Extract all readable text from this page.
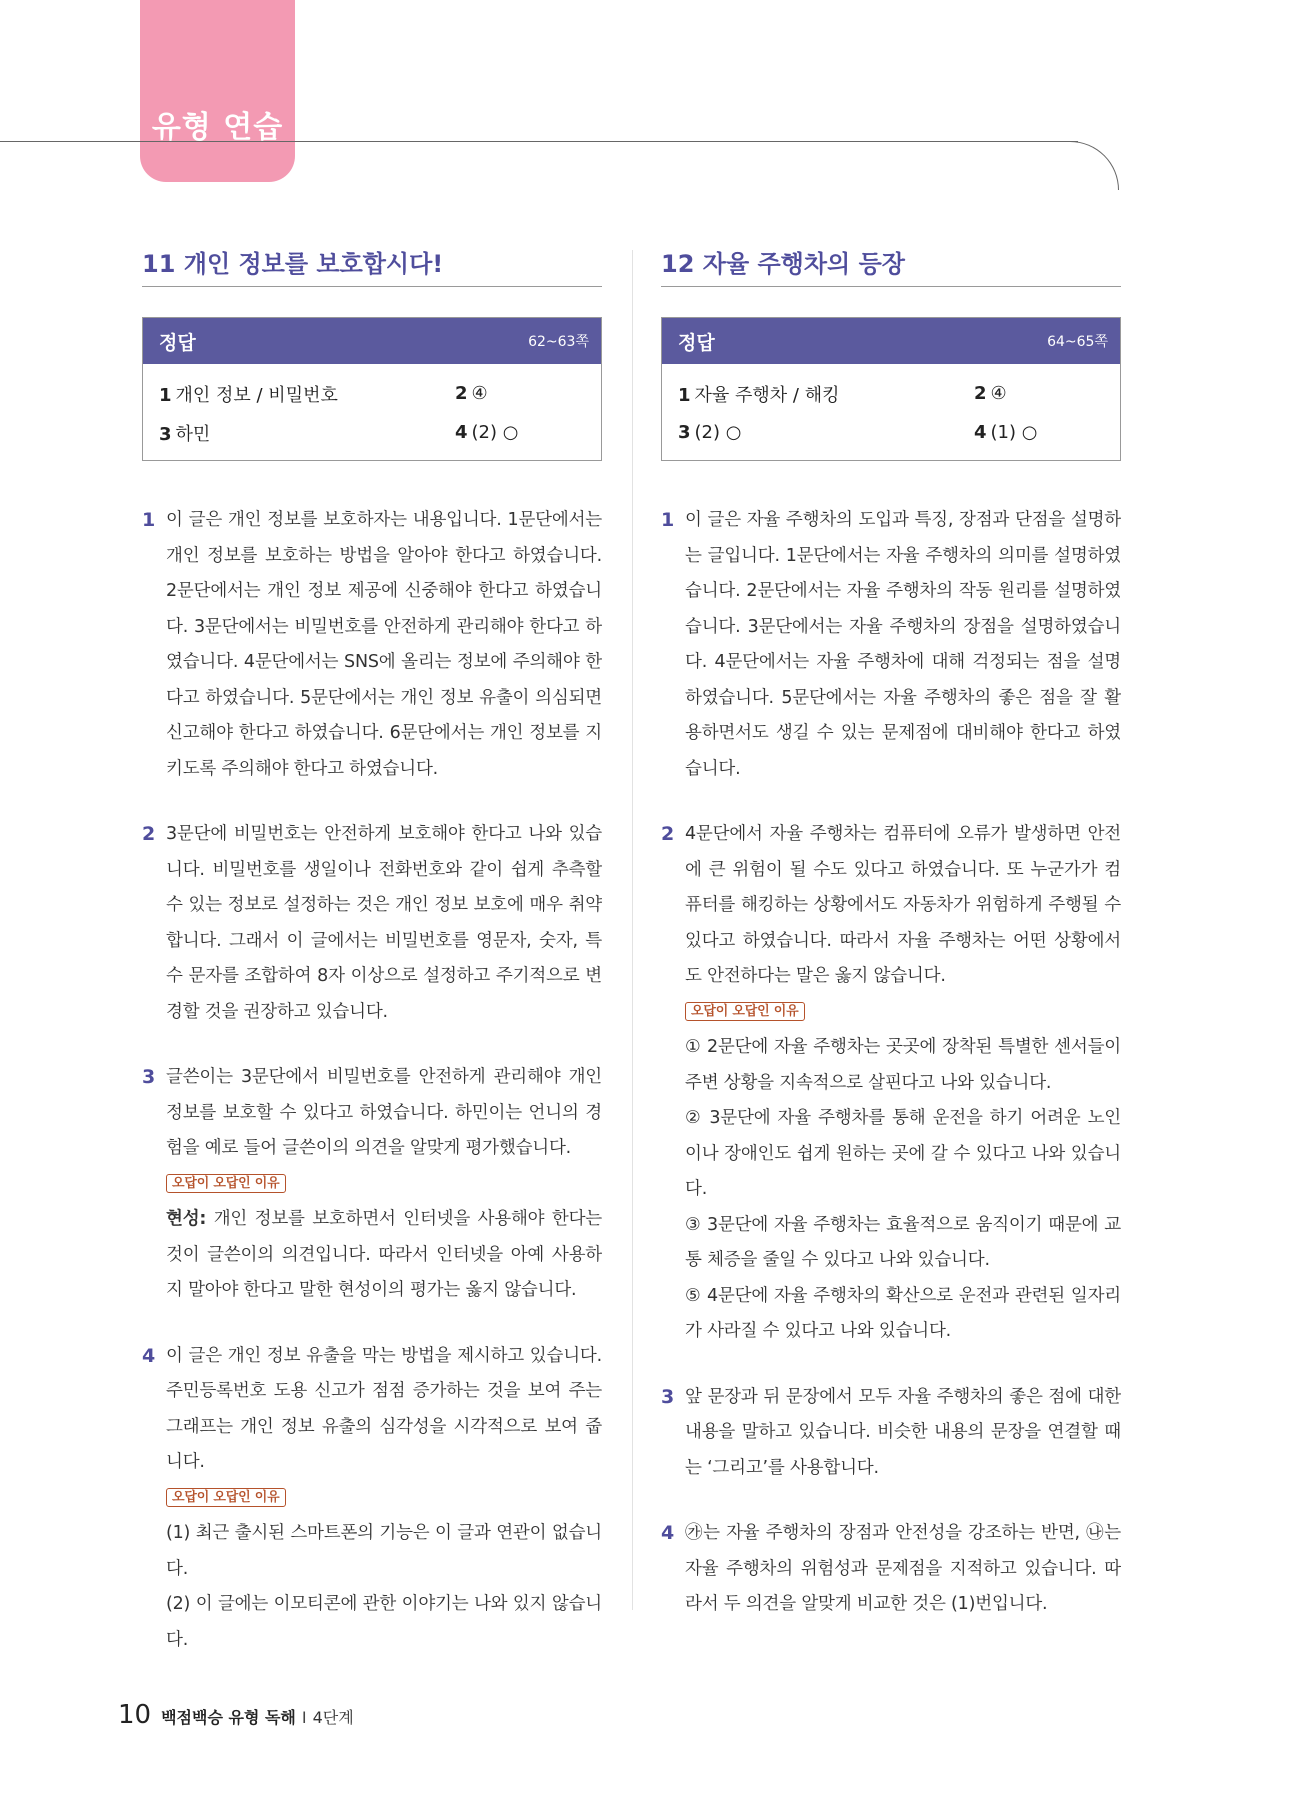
유형 연습
11 개인 정보를 보호합시다!
정답	62~63쪽
1 개인 정보 / 비밀번호	2 ④
3 하민	4 (2) ○
1 이 글은 개인 정보를 보호하자는 내용입니다. 1문단에서는 개인 정보를 보호하는 방법을 알아야 한다고 하였습니다. 2문단에서는 개인 정보 제공에 신중해야 한다고 하였습니다. 3문단에서는 비밀번호를 안전하게 관리해야 한다고 하였습니다. 4문단에서는 SNS에 올리는 정보에 주의해야 한다고 하였습니다. 5문단에서는 개인 정보 유출이 의심되면 신고해야 한다고 하였습니다. 6문단에서는 개인 정보를 지키도록 주의해야 한다고 하였습니다.

2 3문단에 비밀번호는 안전하게 보호해야 한다고 나와 있습니다. 비밀번호를 생일이나 전화번호와 같이 쉽게 추측할 수 있는 정보로 설정하는 것은 개인 정보 보호에 매우 취약합니다. 그래서 이 글에서는 비밀번호를 영문자, 숫자, 특수 문자를 조합하여 8자 이상으로 설정하고 주기적으로 변경할 것을 권장하고 있습니다.

3 글쓴이는 3문단에서 비밀번호를 안전하게 관리해야 개인 정보를 보호할 수 있다고 하였습니다. 하민이는 언니의 경험을 예로 들어 글쓴이의 의견을 알맞게 평가했습니다.

오답이 오답인 이유

현성: 개인 정보를 보호하면서 인터넷을 사용해야 한다는 것이 글쓴이의 의견입니다. 따라서 인터넷을 아예 사용하지 말아야 한다고 말한 현성이의 평가는 옳지 않습니다.

4 이 글은 개인 정보 유출을 막는 방법을 제시하고 있습니다. 주민등록번호 도용 신고가 점점 증가하는 것을 보여 주는 그래프는 개인 정보 유출의 심각성을 시각적으로 보여 줍니다.

오답이 오답인 이유

(1) 최근 출시된 스마트폰의 기능은 이 글과 연관이 없습니다.

(2) 이 글에는 이모티콘에 관한 이야기는 나와 있지 않습니다.

12 자율 주행차의 등장
정답	64~65쪽
1 자율 주행차 / 해킹	2 ④
3 (2) ○	4 (1) ○
1 이 글은 자율 주행차의 도입과 특징, 장점과 단점을 설명하는 글입니다. 1문단에서는 자율 주행차의 의미를 설명하였습니다. 2문단에서는 자율 주행차의 작동 원리를 설명하였습니다. 3문단에서는 자율 주행차의 장점을 설명하였습니다. 4문단에서는 자율 주행차에 대해 걱정되는 점을 설명하였습니다. 5문단에서는 자율 주행차의 좋은 점을 잘 활용하면서도 생길 수 있는 문제점에 대비해야 한다고 하였습니다.

2 4문단에서 자율 주행차는 컴퓨터에 오류가 발생하면 안전에 큰 위험이 될 수도 있다고 하였습니다. 또 누군가가 컴퓨터를 해킹하는 상황에서도 자동차가 위험하게 주행될 수 있다고 하였습니다. 따라서 자율 주행차는 어떤 상황에서도 안전하다는 말은 옳지 않습니다.

오답이 오답인 이유

① 2문단에 자율 주행차는 곳곳에 장착된 특별한 센서들이 주변 상황을 지속적으로 살핀다고 나와 있습니다.

② 3문단에 자율 주행차를 통해 운전을 하기 어려운 노인이나 장애인도 쉽게 원하는 곳에 갈 수 있다고 나와 있습니다.

③ 3문단에 자율 주행차는 효율적으로 움직이기 때문에 교통 체증을 줄일 수 있다고 나와 있습니다.

⑤ 4문단에 자율 주행차의 확산으로 운전과 관련된 일자리가 사라질 수 있다고 나와 있습니다.

3 앞 문장과 뒤 문장에서 모두 자율 주행차의 좋은 점에 대한 내용을 말하고 있습니다. 비슷한 내용의 문장을 연결할 때는 ‘그리고’를 사용합니다.

4 ㉮는 자율 주행차의 장점과 안전성을 강조하는 반면, ㉯는 자율 주행차의 위험성과 문제점을 지적하고 있습니다. 따라서 두 의견을 알맞게 비교한 것은 (1)번입니다.

10 백점백승 유형 독해 I 4단계
